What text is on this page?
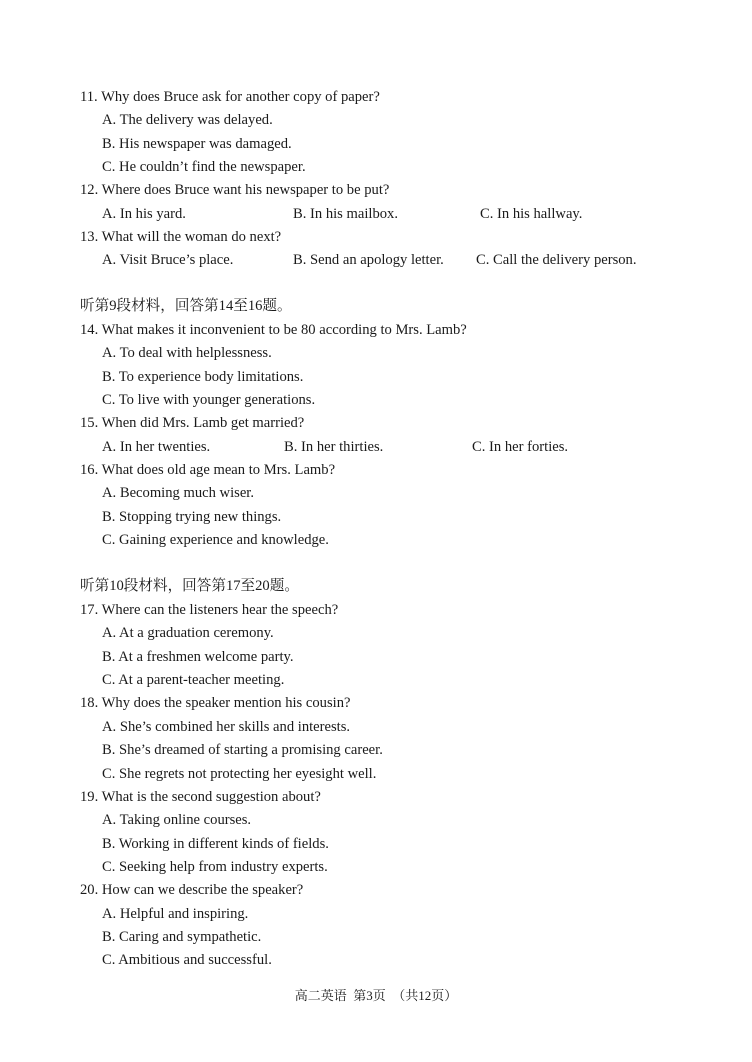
11. Why does Bruce ask for another copy of paper?
A. The delivery was delayed.
B. His newspaper was damaged.
C. He couldn’t find the newspaper.
12. Where does Bruce want his newspaper to be put?
A. In his yard.	B. In his mailbox.	C. In his hallway.
13. What will the woman do next?
A. Visit Bruce’s place.	B. Send an apology letter. C. Call the delivery person.
听第9段材料，回答第14至16题。
14. What makes it inconvenient to be 80 according to Mrs. Lamb?
A. To deal with helplessness.
B. To experience body limitations.
C. To live with younger generations.
15. When did Mrs. Lamb get married?
A. In her twenties.	B. In her thirties.	C. In her forties.
16. What does old age mean to Mrs. Lamb?
A. Becoming much wiser.
B. Stopping trying new things.
C. Gaining experience and knowledge.
听第10段材料，回答第17至20题。
17. Where can the listeners hear the speech?
A. At a graduation ceremony.
B. At a freshmen welcome party.
C. At a parent-teacher meeting.
18. Why does the speaker mention his cousin?
A. She’s combined her skills and interests.
B. She’s dreamed of starting a promising career.
C. She regrets not protecting her eyesight well.
19. What is the second suggestion about?
A. Taking online courses.
B. Working in different kinds of fields.
C. Seeking help from industry experts.
20. How can we describe the speaker?
A. Helpful and inspiring.
B. Caring and sympathetic.
C. Ambitious and successful.
高二英语  第3页  （共12页）
